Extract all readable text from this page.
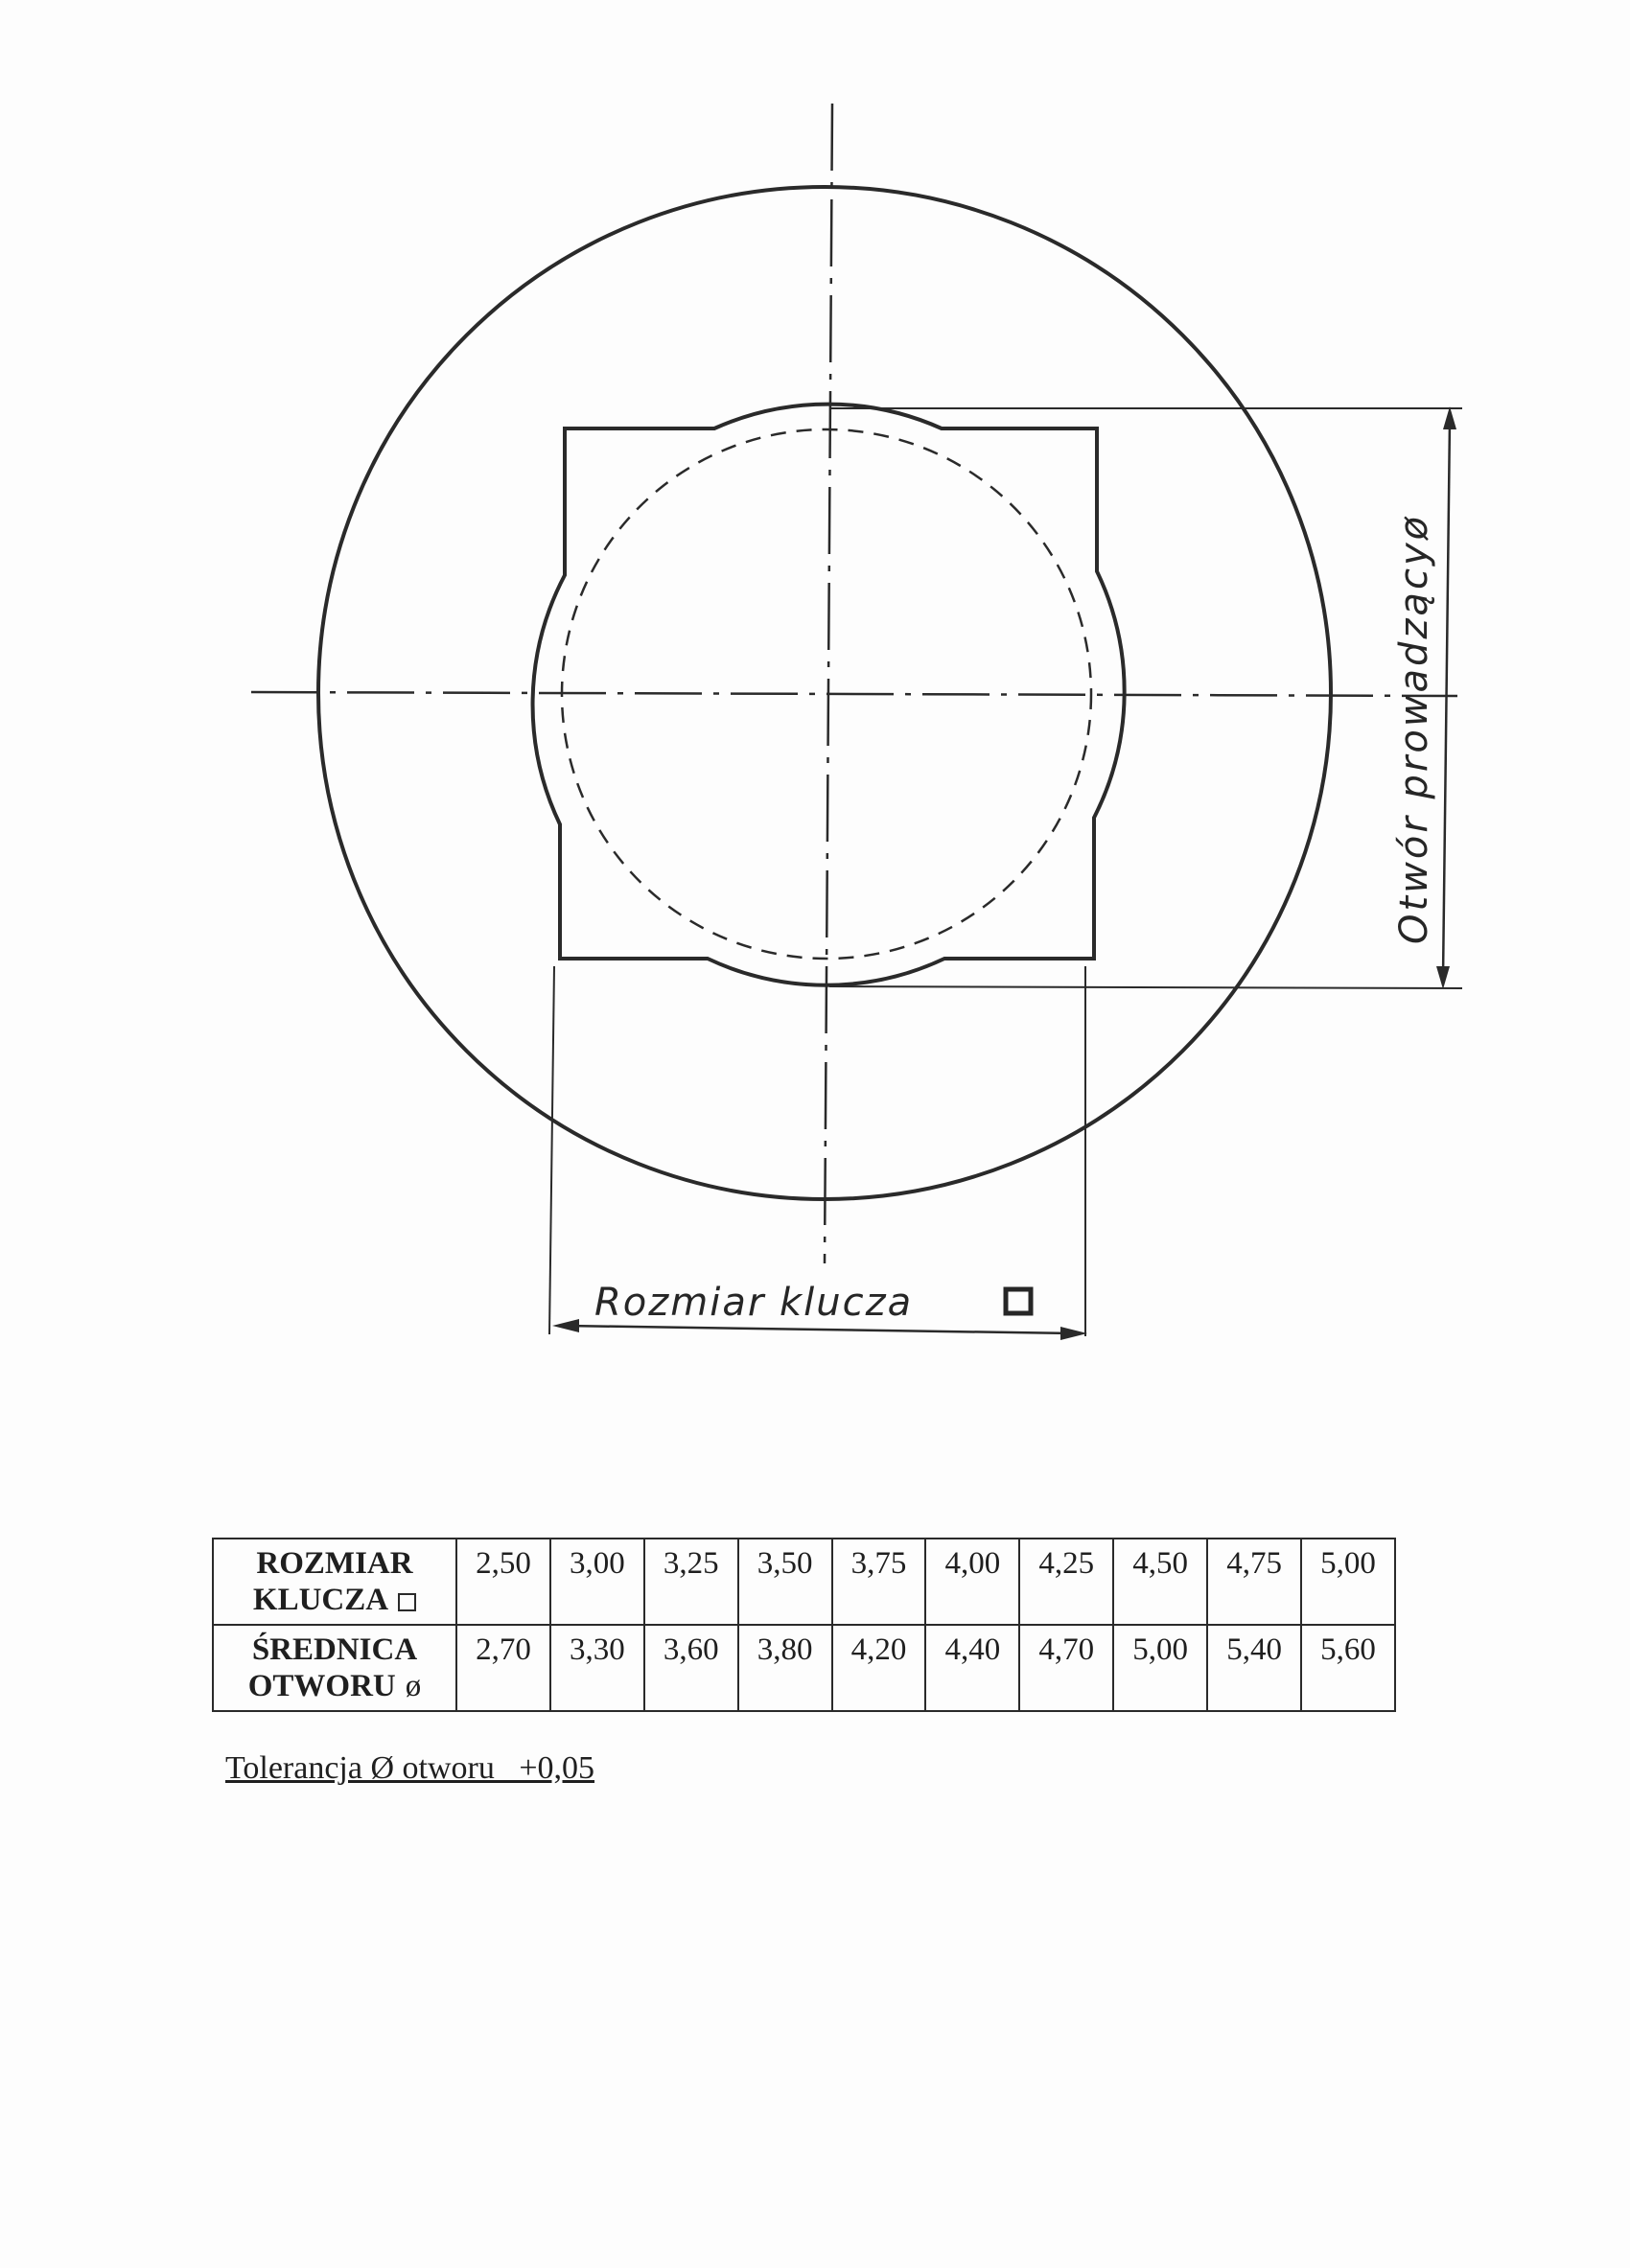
Rozmiar klucza
Otwór prowadzącyø
ROZMIAR
KLUCZA	2,50	3,00	3,25	3,50	3,75	4,00	4,25	4,50	4,75	5,00
ŚREDNICA
OTWORU ø	2,70	3,30	3,60	3,80	4,20	4,40	4,70	5,00	5,40	5,60
Tolerancja Ø otworu   +0,05
